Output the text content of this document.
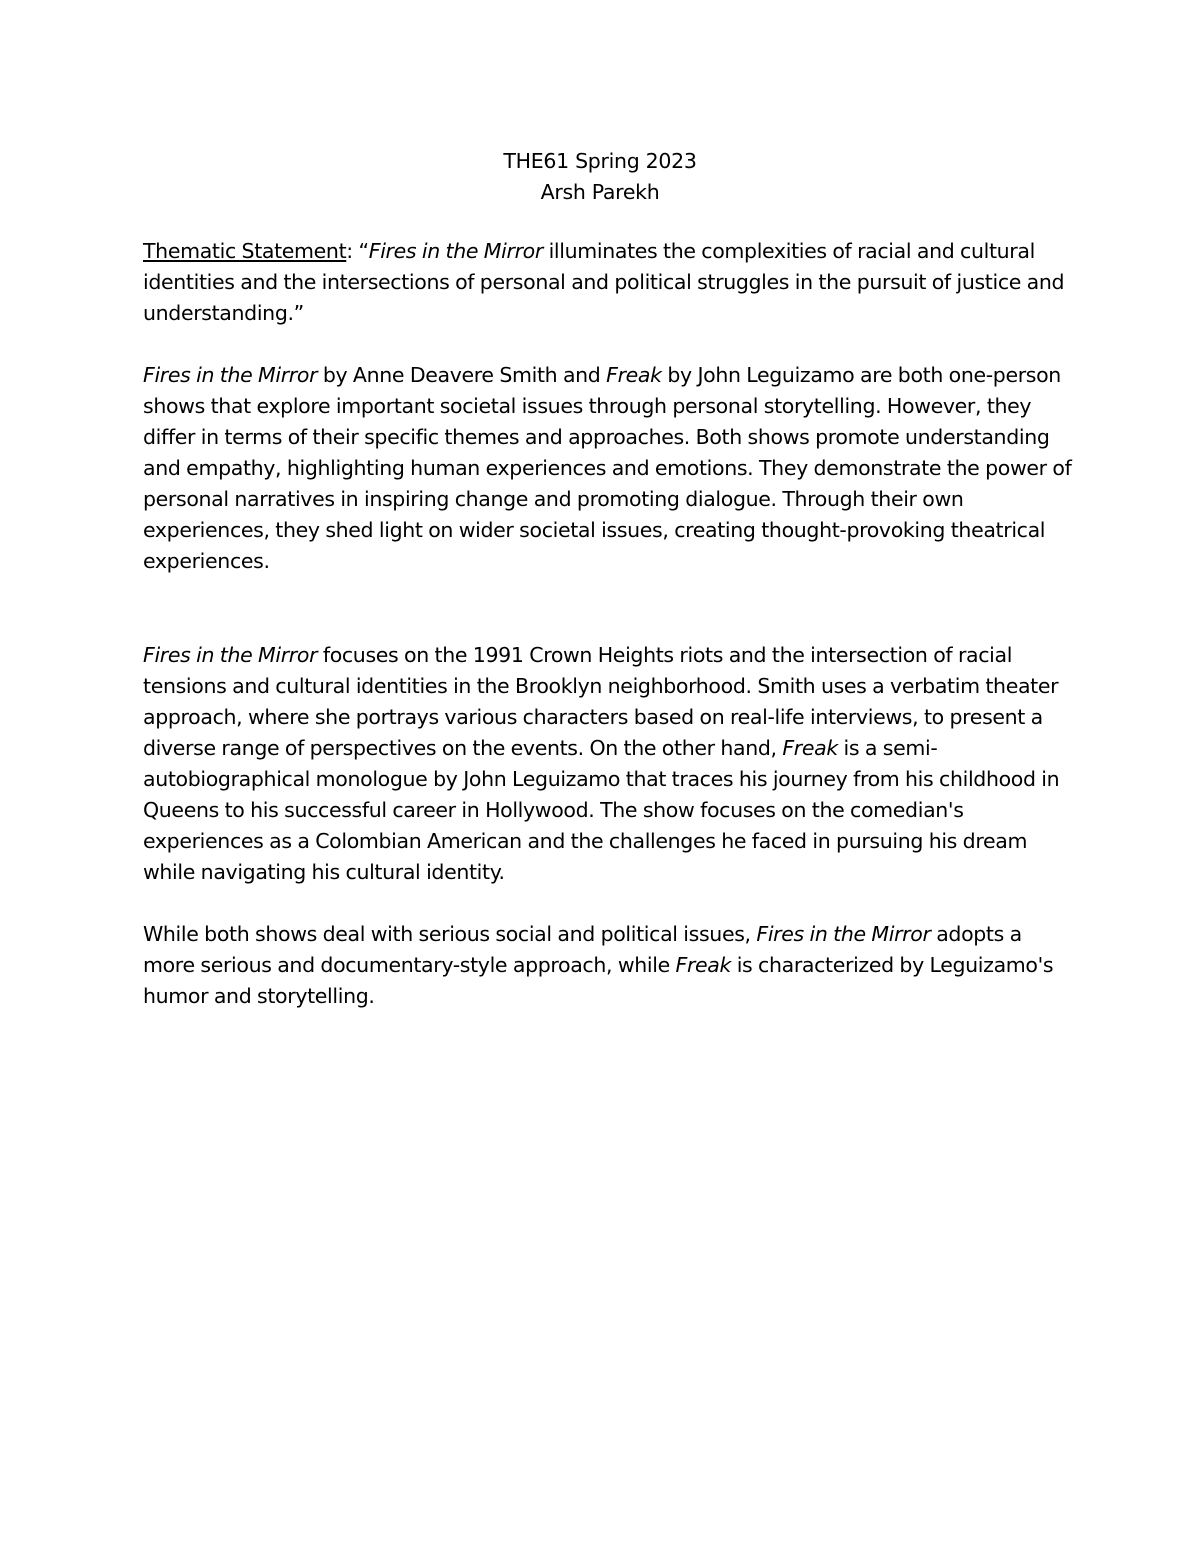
THE61 Spring 2023
Arsh Parekh

Thematic Statement: “Fires in the Mirror illuminates the complexities of racial and cultural identities and the intersections of personal and political struggles in the pursuit of justice and understanding.”

Fires in the Mirror by Anne Deavere Smith and Freak by John Leguizamo are both one-person shows that explore important societal issues through personal storytelling. However, they differ in terms of their specific themes and approaches. Both shows promote understanding and empathy, highlighting human experiences and emotions. They demonstrate the power of personal narratives in inspiring change and promoting dialogue. Through their own experiences, they shed light on wider societal issues, creating thought-provoking theatrical experiences.

Fires in the Mirror focuses on the 1991 Crown Heights riots and the intersection of racial tensions and cultural identities in the Brooklyn neighborhood. Smith uses a verbatim theater approach, where she portrays various characters based on real-life interviews, to present a diverse range of perspectives on the events. On the other hand, Freak is a semi-autobiographical monologue by John Leguizamo that traces his journey from his childhood in Queens to his successful career in Hollywood. The show focuses on the comedian's experiences as a Colombian American and the challenges he faced in pursuing his dream while navigating his cultural identity.

While both shows deal with serious social and political issues, Fires in the Mirror adopts a more serious and documentary-style approach, while Freak is characterized by Leguizamo's humor and storytelling.
